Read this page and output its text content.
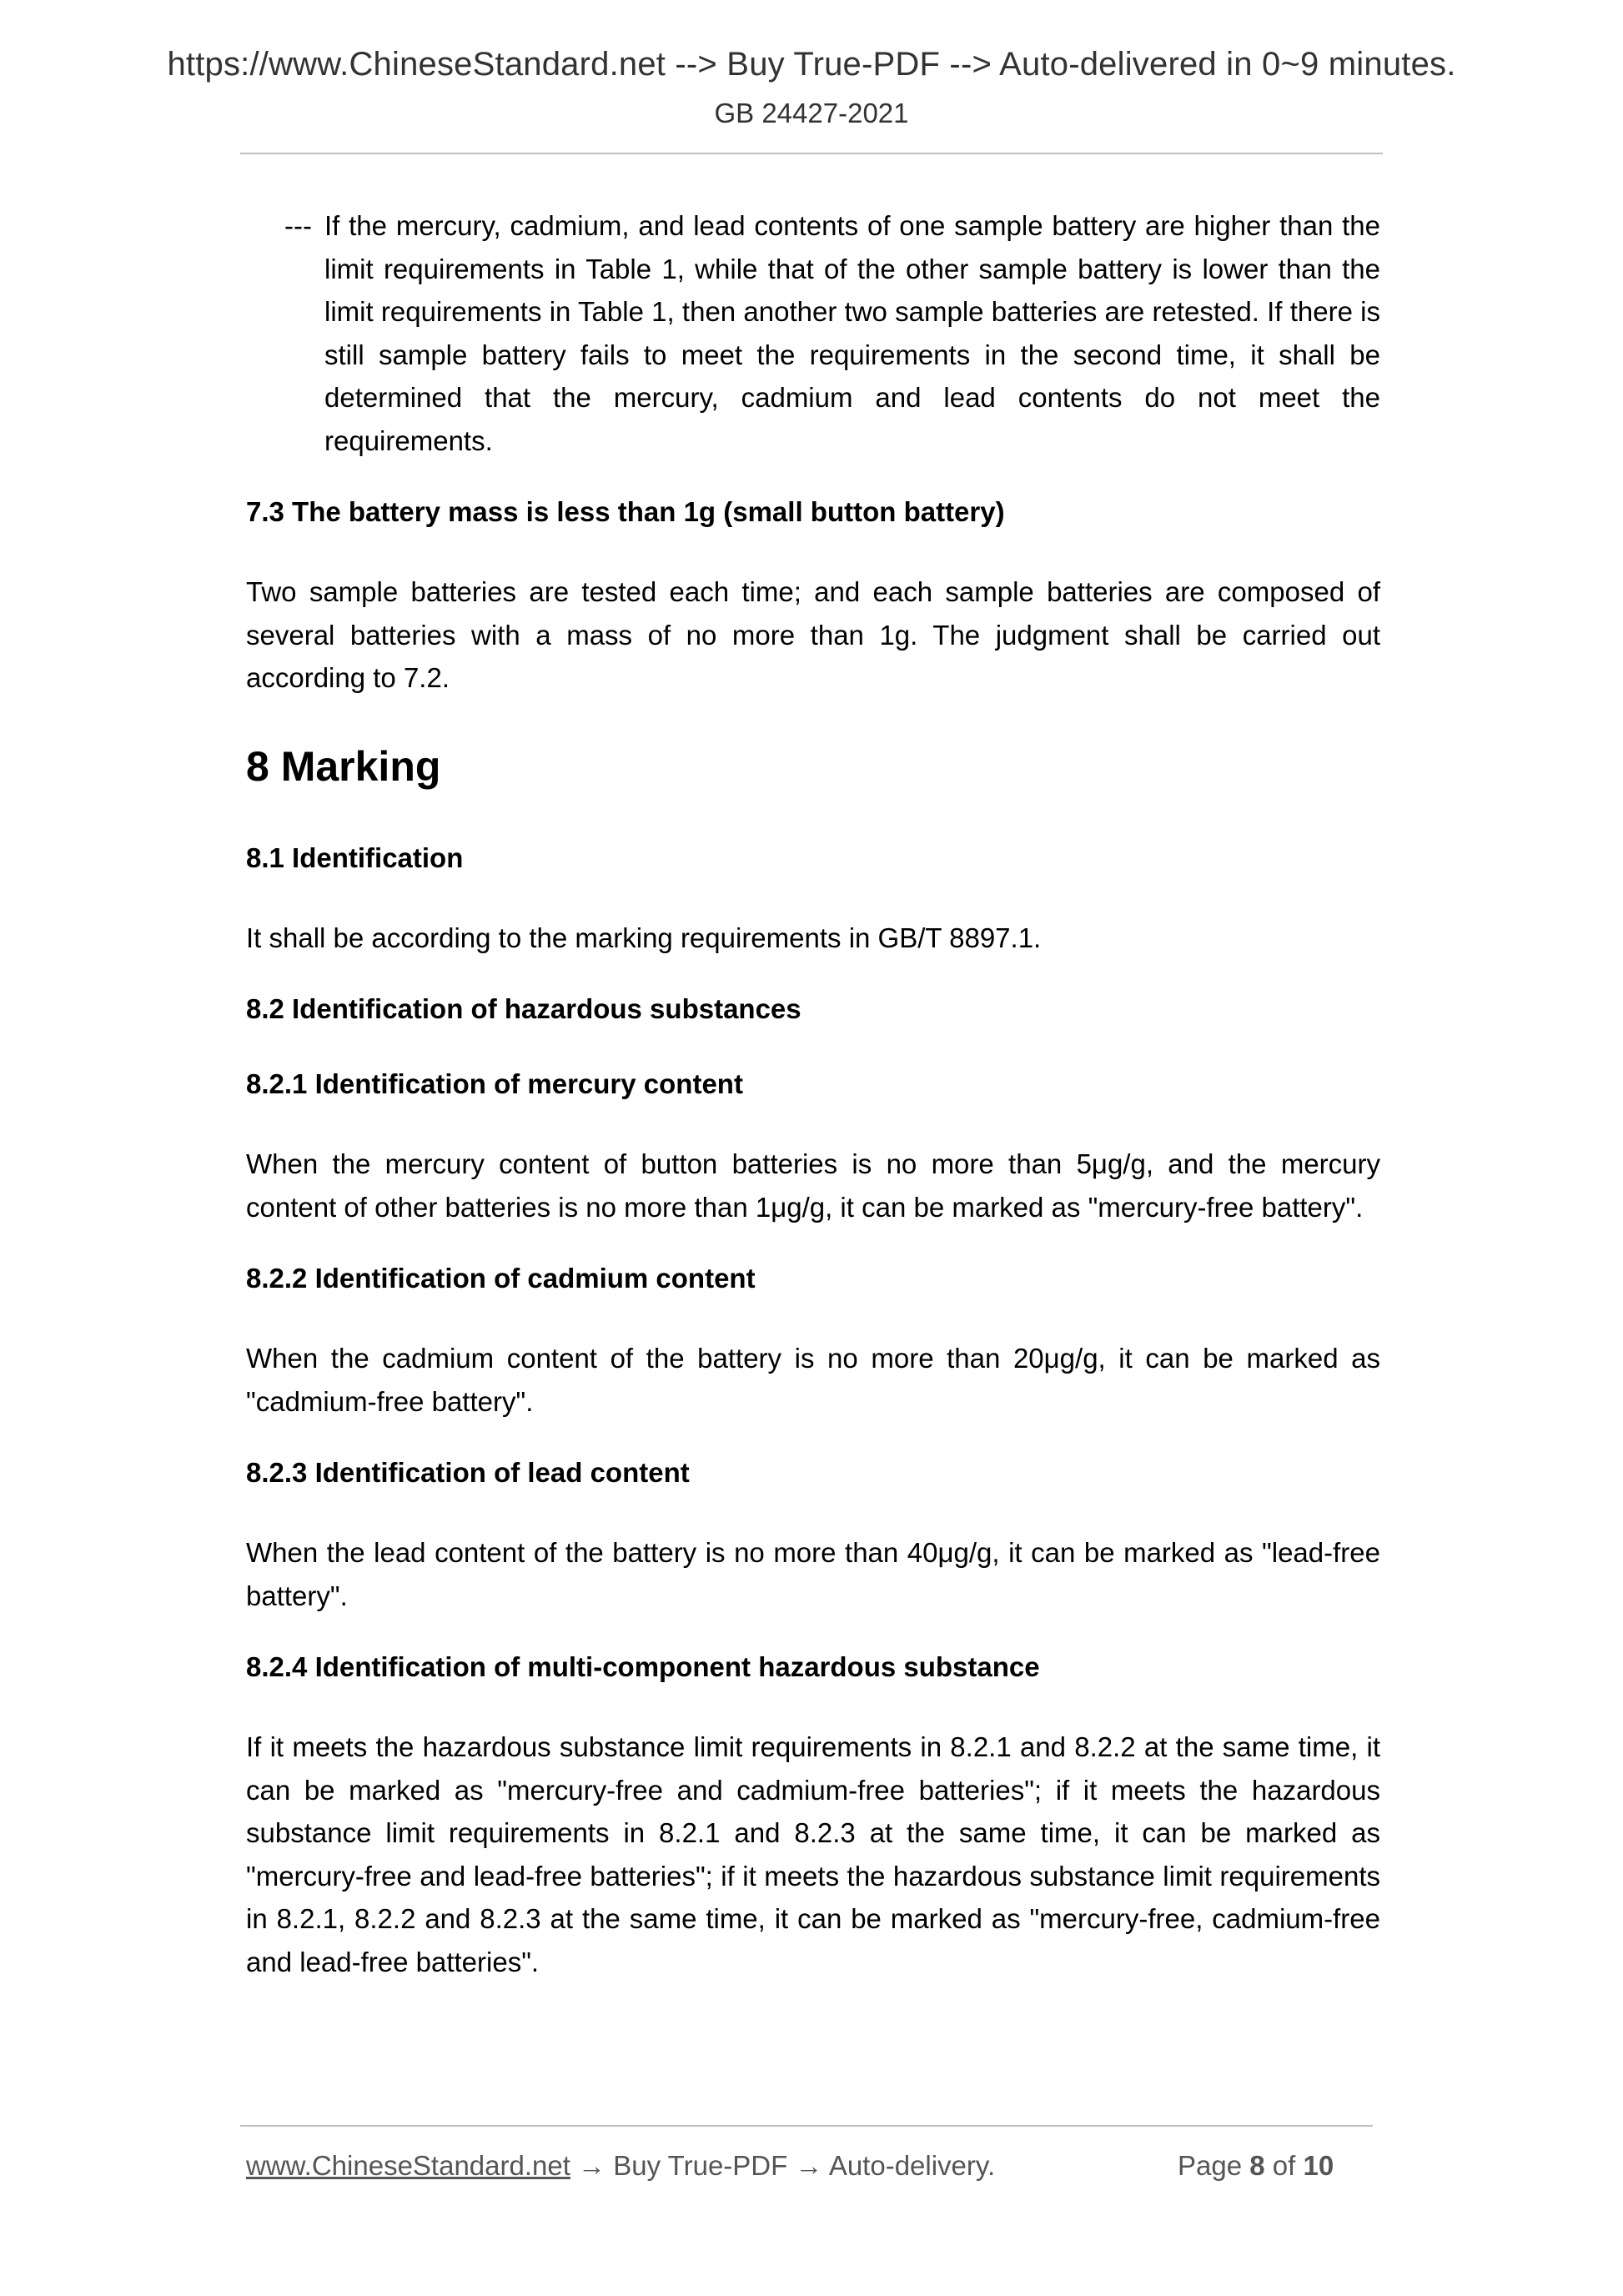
https://www.ChineseStandard.net --> Buy True-PDF --> Auto-delivered in 0~9 minutes.
GB 24427-2021
--- If the mercury, cadmium, and lead contents of one sample battery are higher than the limit requirements in Table 1, while that of the other sample battery is lower than the limit requirements in Table 1, then another two sample batteries are retested. If there is still sample battery fails to meet the requirements in the second time, it shall be determined that the mercury, cadmium and lead contents do not meet the requirements.
7.3 The battery mass is less than 1g (small button battery)
Two sample batteries are tested each time; and each sample batteries are composed of several batteries with a mass of no more than 1g. The judgment shall be carried out according to 7.2.
8 Marking
8.1 Identification
It shall be according to the marking requirements in GB/T 8897.1.
8.2 Identification of hazardous substances
8.2.1 Identification of mercury content
When the mercury content of button batteries is no more than 5μg/g, and the mercury content of other batteries is no more than 1μg/g, it can be marked as "mercury-free battery".
8.2.2 Identification of cadmium content
When the cadmium content of the battery is no more than 20μg/g, it can be marked as "cadmium-free battery".
8.2.3 Identification of lead content
When the lead content of the battery is no more than 40μg/g, it can be marked as "lead-free battery".
8.2.4 Identification of multi-component hazardous substance
If it meets the hazardous substance limit requirements in 8.2.1 and 8.2.2 at the same time, it can be marked as "mercury-free and cadmium-free batteries"; if it meets the hazardous substance limit requirements in 8.2.1 and 8.2.3 at the same time, it can be marked as "mercury-free and lead-free batteries"; if it meets the hazardous substance limit requirements in 8.2.1, 8.2.2 and 8.2.3 at the same time, it can be marked as "mercury-free, cadmium-free and lead-free batteries".
www.ChineseStandard.net → Buy True-PDF → Auto-delivery.	Page 8 of 10
